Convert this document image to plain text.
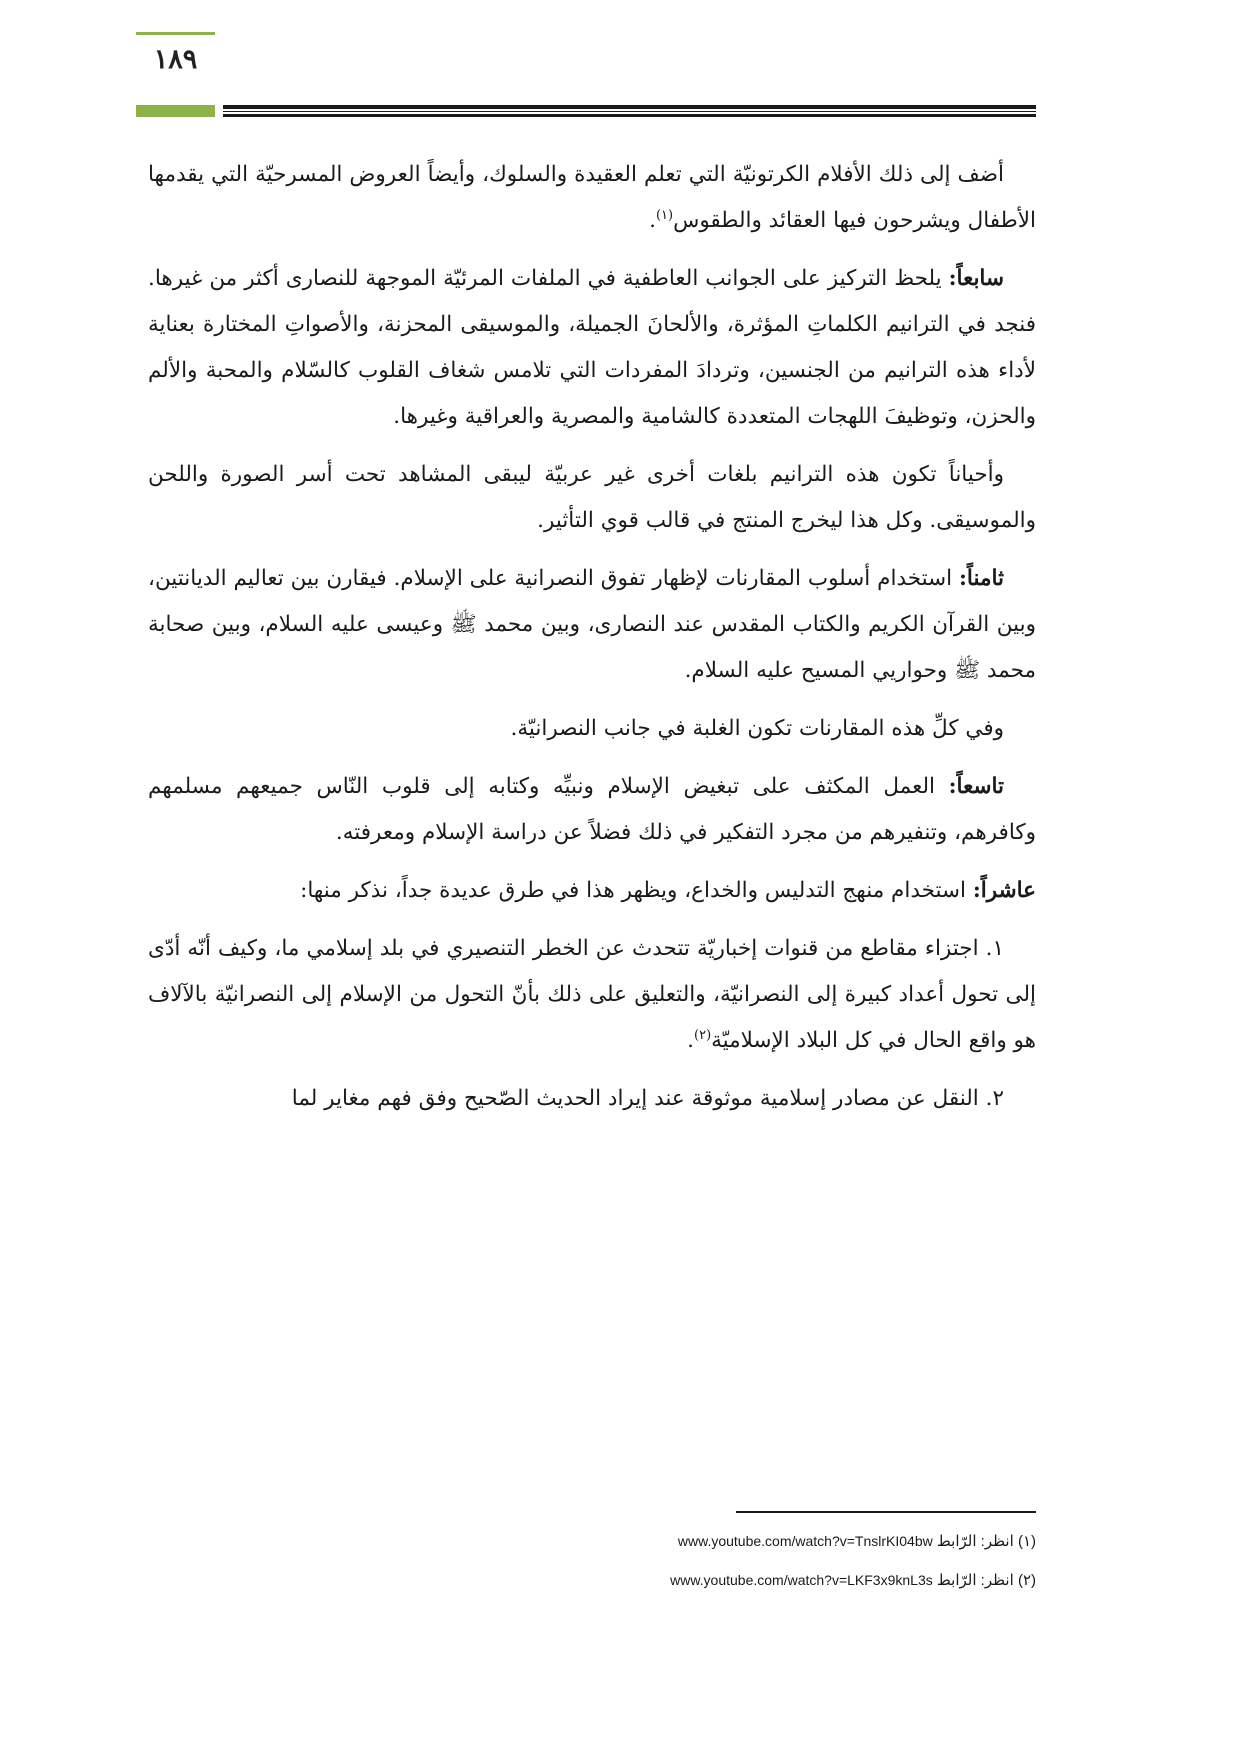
١٨٩

أضف إلى ذلك الأفلام الكرتونيّة التي تعلم العقيدة والسلوك، وأيضاً العروض المسرحيّة التي يقدمها الأطفال ويشرحون فيها العقائد والطقوس$^{(١)}$.

سابعاً: يلحظ التركيز على الجوانب العاطفية في الملفات المرئيّة الموجهة للنصارى أكثر من غيرها. فنجد في الترانيم الكلماتِ المؤثرة، والألحانَ الجميلة، والموسيقى المحزنة، والأصواتِ المختارة بعناية لأداء هذه الترانيم من الجنسين، وتردادَ المفردات التي تلامس شغاف القلوب كالسّلام والمحبة والألم والحزن، وتوظيفَ اللهجات المتعددة كالشامية والمصرية والعراقية وغيرها.

وأحياناً تكون هذه الترانيم بلغات أخرى غير عربيّة ليبقى المشاهد تحت أسر الصورة واللحن والموسيقى. وكل هذا ليخرج المنتج في قالب قوي التأثير.

ثامناً: استخدام أسلوب المقارنات لإظهار تفوق النصرانية على الإسلام. فيقارن بين تعاليم الديانتين، وبين القرآن الكريم والكتاب المقدس عند النصارى، وبين محمد ﷺ وعيسى عليه السلام، وبين صحابة محمد ﷺ وحواريي المسيح عليه السلام.

وفي كلِّ هذه المقارنات تكون الغلبة في جانب النصرانيّة.

تاسعاً: العمل المكثف على تبغيض الإسلام ونبيِّه وكتابه إلى قلوب النّاس جميعهم مسلمهم وكافرهم، وتنفيرهم من مجرد التفكير في ذلك فضلاً عن دراسة الإسلام ومعرفته.

عاشراً: استخدام منهج التدليس والخداع، ويظهر هذا في طرق عديدة جداً، نذكر منها:

١. اجتزاء مقاطع من قنوات إخباريّة تتحدث عن الخطر التنصيري في بلد إسلامي ما، وكيف أنّه أدّى إلى تحول أعداد كبيرة إلى النصرانيّة، والتعليق على ذلك بأنّ التحول من الإسلام إلى النصرانيّة بالآلاف هو واقع الحال في كل البلاد الإسلاميّة$^{(٢)}$.

٢. النقل عن مصادر إسلامية موثوقة عند إيراد الحديث الصّحيح وفق فهم مغاير لما

(١) انظر: الرّابط www.youtube.com/watch?v=TnslrKI04bw
(٢) انظر: الرّابط www.youtube.com/watch?v=LKF3x9knL3s
